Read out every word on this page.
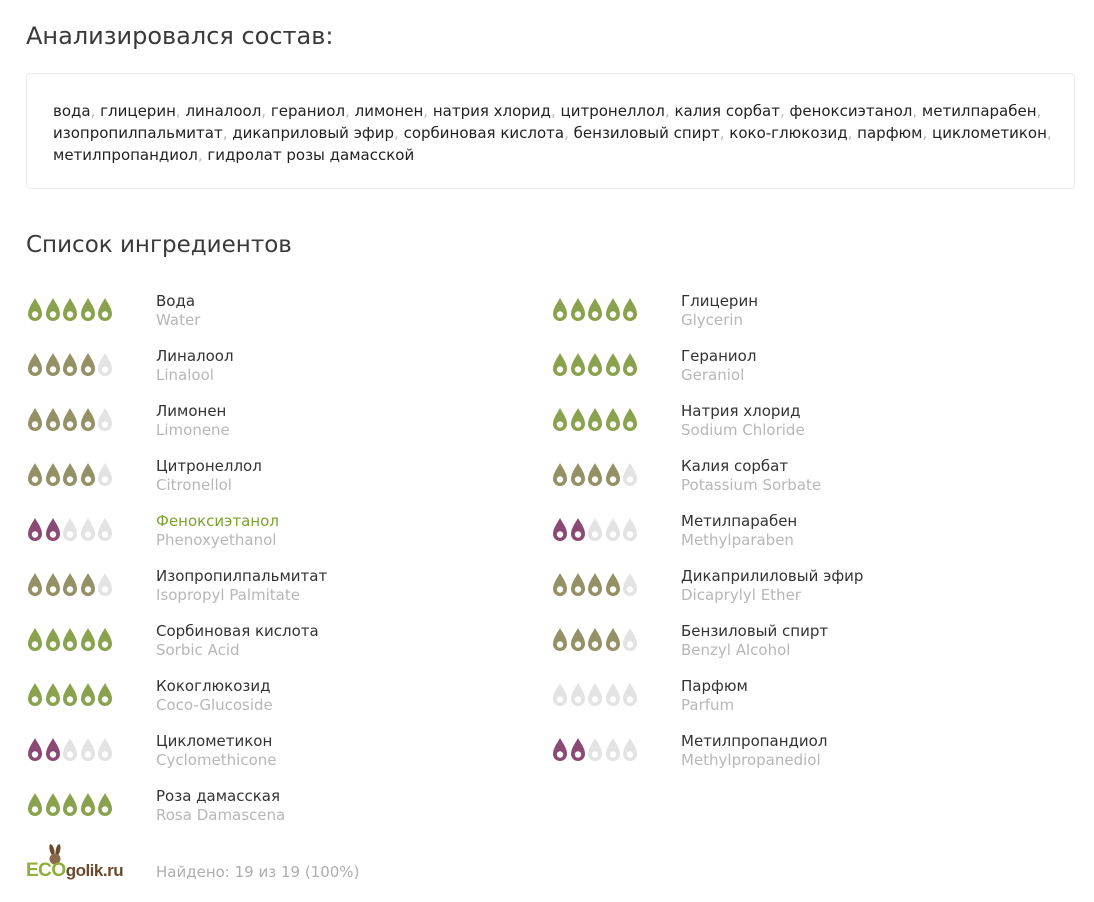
Анализировался состав:
вода, глицерин, линалоол, гераниол, лимонен, натрия хлорид, цитронеллол, калия сорбат, феноксиэтанол, метилпарабен, изопропилпальмитат, дикаприловый эфир, сорбиновая кислота, бензиловый спирт, коко-глюкозид, парфюм, циклометикон, метилпропандиол, гидролат розы дамасской
Список ингредиентов
Вода
Water
Линалоол
Linalool
Лимонен
Limonene
Цитронеллол
Citronellol
Феноксиэтанол
Phenoxyethanol
Изопропилпальмитат
Isopropyl Palmitate
Сорбиновая кислота
Sorbic Acid
Кокоглюкозид
Coco-Glucoside
Циклометикон
Cyclomethicone
Роза дамасская
Rosa Damascena
Глицерин
Glycerin
Гераниол
Geraniol
Натрия хлорид
Sodium Chloride
Калия сорбат
Potassium Sorbate
Метилпарабен
Methylparaben
Дикаприлиловый эфир
Dicaprylyl Ether
Бензиловый спирт
Benzyl Alcohol
Парфюм
Parfum
Метилпропандиол
Methylpropanediol
ECOgolik.ru Найдено: 19 из 19 (100%)
